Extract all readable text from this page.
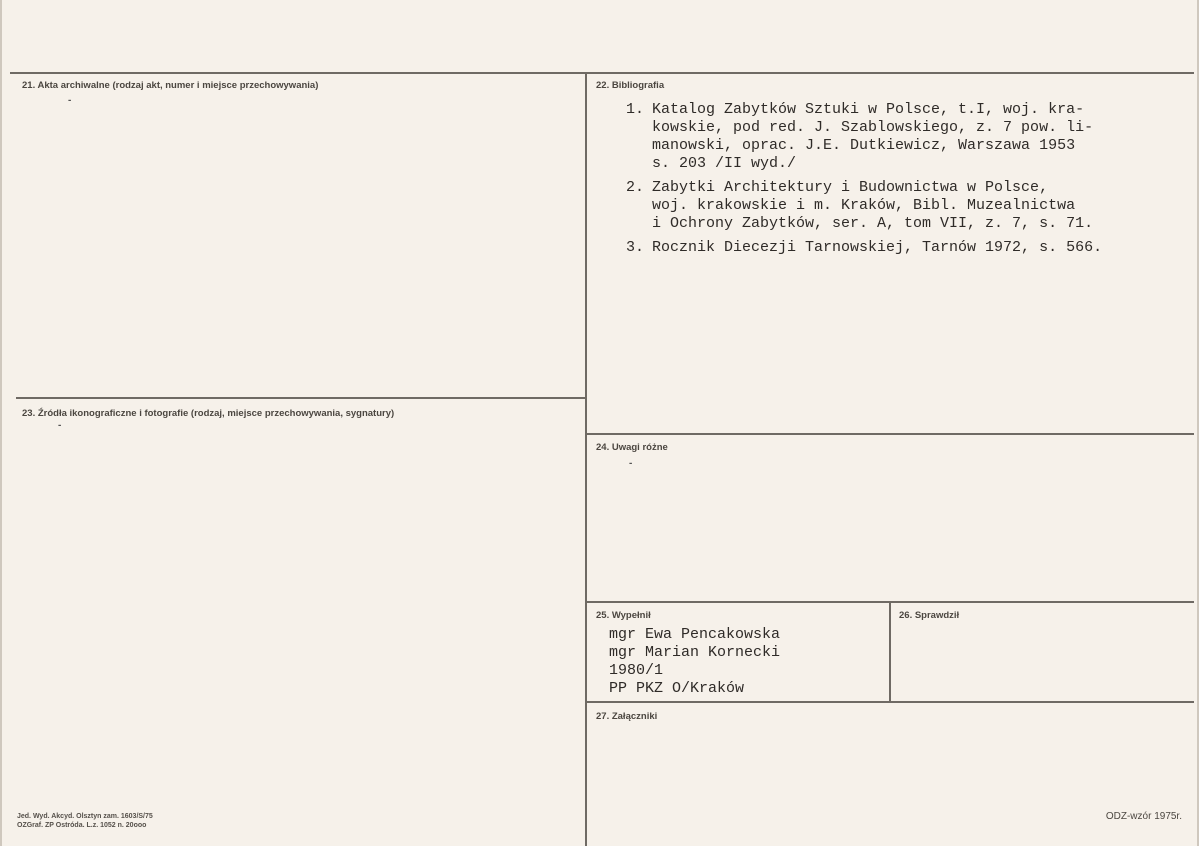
21. Akta archiwalne (rodzaj akt, numer i miejsce przechowywania)
-
22. Bibliografia
23. Źródła ikonograficzne i fotografie (rodzaj, miejsce przechowywania, sygnatury)
-
24. Uwagi różne
-
25. Wypełnił	26. Sprawdził
27. Załączniki
1. Katalog Zabytków Sztuki w Polsce, t.I, woj. kra-
kowskie, pod red. J. Szablowskiego, z. 7 pow. li-
manowski, oprac. J.E. Dutkiewicz, Warszawa 1953
s. 203 /II wyd./
2. Zabytki Architektury i Budownictwa w Polsce,
woj. krakowskie i m. Kraków, Bibl. Muzealnictwa
i Ochrony Zabytków, ser. A, tom VII, z. 7, s. 71.
3. Rocznik Diecezji Tarnowskiej, Tarnów 1972, s. 566.
mgr Ewa Pencakowska
mgr Marian Kornecki
1980/1
PP PKZ O/Kraków
Jed. Wyd. Akcyd. Olsztyn zam. 1603/S/75
OZGraf. ZP Ostróda. L.z. 1052 n. 20ooo
ODZ-wzór 1975r.
